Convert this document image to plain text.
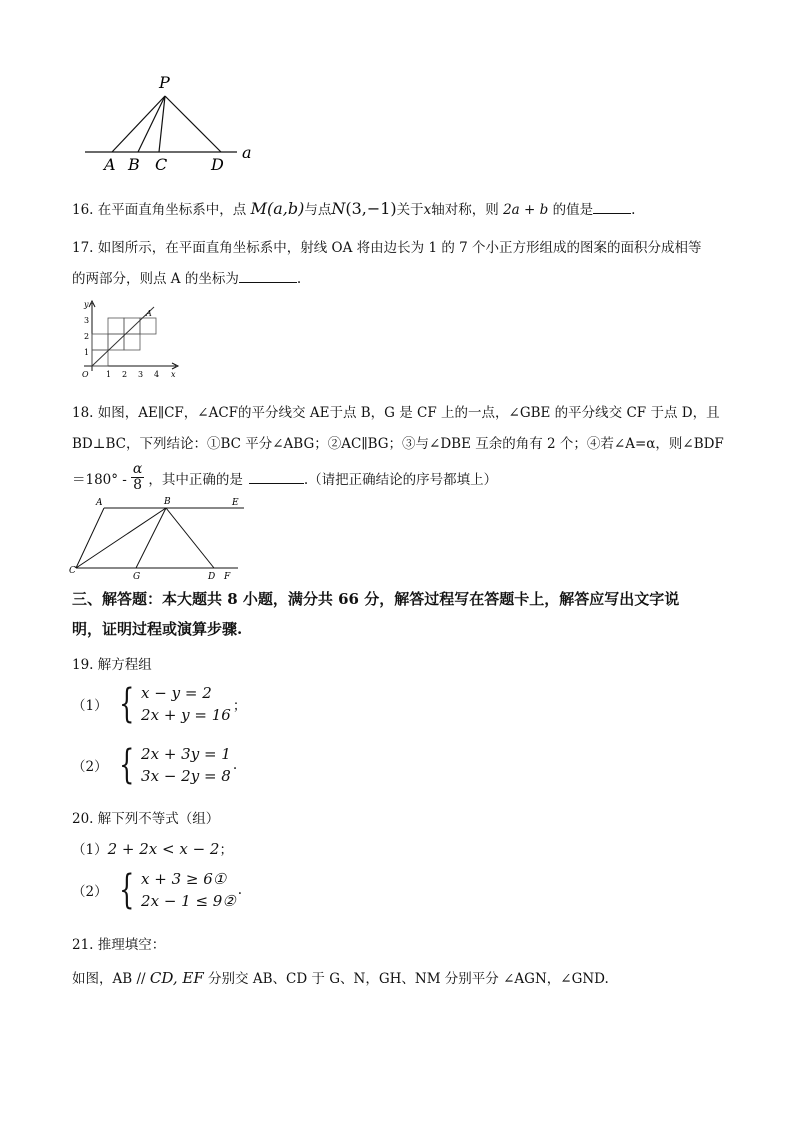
P
A B C	D
a
16. 在平面直角坐标系中，点 M(a,b)与点N(3,−1)关于x轴对称，则 2a + b 的值是	.
17. 如图所示，在平面直角坐标系中，射线 OA 将由边长为 1 的 7 个小正方形组成的图案的面积分成相等
的两部分，则点 A 的坐标为	.
y
x
O
A
1 2 3 4
1
2
3
18. 如图，AE∥CF，∠ACF的平分线交 AE于点 B，G 是 CF 上的一点，∠GBE 的平分线交 CF 于点 D，且
BD⊥BC，下列结论：①BC 平分∠ABG；②AC∥BG；③与∠DBE 互余的角有 2 个；④若∠A=α，则∠BDF
$=180^\circ - \frac{\alpha}{8}$ ，其中正确的是	.（请把正确结论的序号都填上）
A	B	E
C
G	D F
三、解答题：本大题共 8 小题，满分共 66 分，解答过程写在答题卡上，解答应写出文字说
明，证明过程或演算步骤.
19. 解方程组
（1） { x − y = 2
2x + y = 16 ；
（2） { 2x + 3y = 1
3x − 2y = 8
.
20. 解下列不等式（组）
（1）2 + 2x < x − 2；
（2） { x + 3 ≥ 6①
2x − 1 ≤ 9②
.
21. 推理填空：
如图，AB // CD, EF 分别交 AB、CD 于 G、N，GH、NM 分别平分 ∠AGN，∠GND.
